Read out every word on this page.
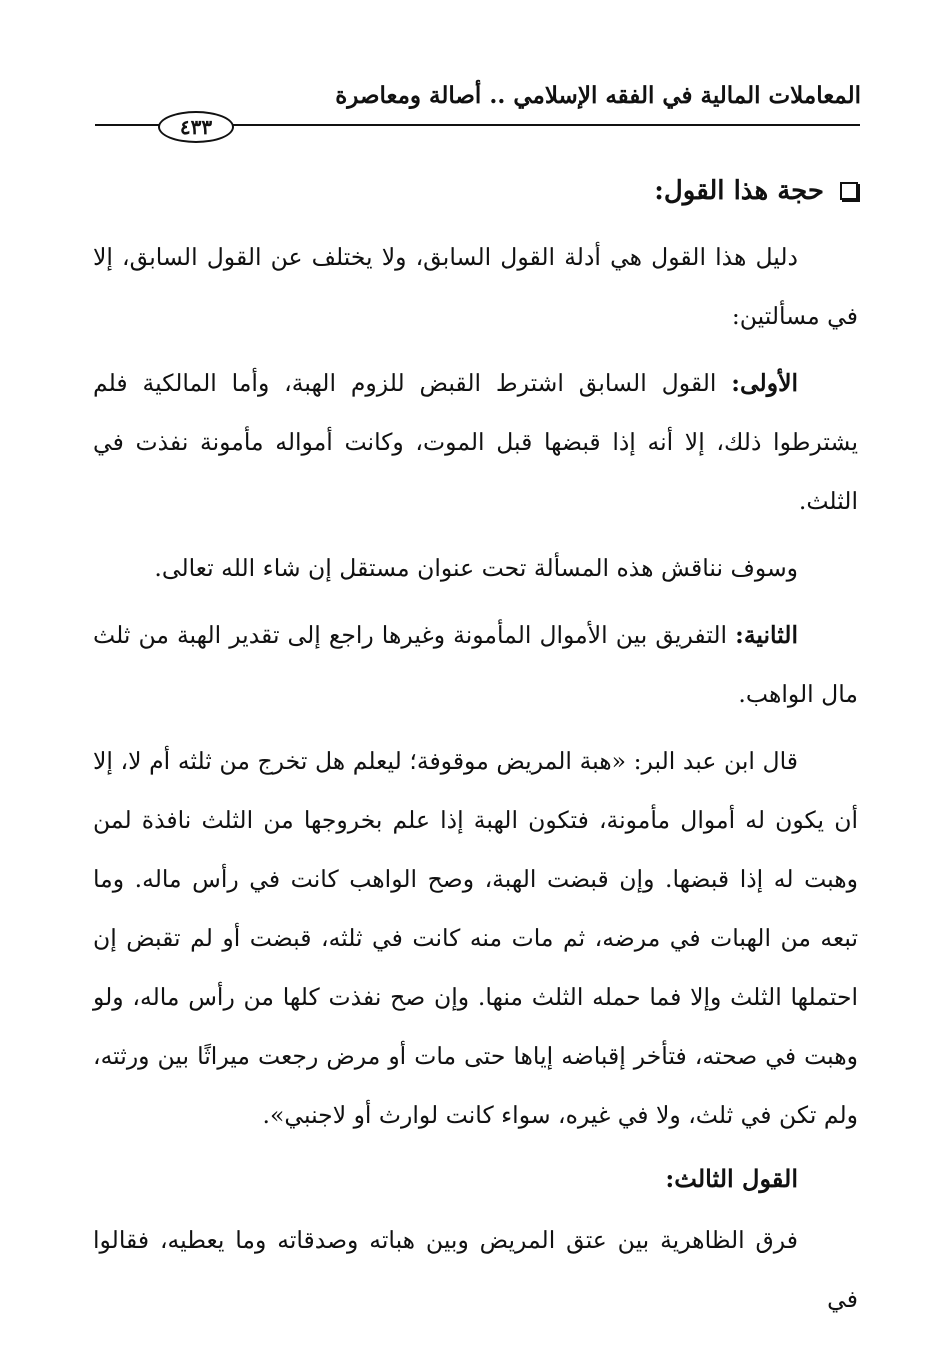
المعاملات المالية في الفقه الإسلامي .. أصالة ومعاصرة
٤٣٣
حجة هذا القول:

دليل هذا القول هي أدلة القول السابق، ولا يختلف عن القول السابق، إلا في مسألتين:

الأولى: القول السابق اشترط القبض للزوم الهبة، وأما المالكية فلم يشترطوا ذلك، إلا أنه إذا قبضها قبل الموت، وكانت أمواله مأمونة نفذت في الثلث.

وسوف نناقش هذه المسألة تحت عنوان مستقل إن شاء الله تعالى.

الثانية: التفريق بين الأموال المأمونة وغيرها راجع إلى تقدير الهبة من ثلث مال الواهب.

قال ابن عبد البر: «هبة المريض موقوفة؛ ليعلم هل تخرج من ثلثه أم لا، إلا أن يكون له أموال مأمونة، فتكون الهبة إذا علم بخروجها من الثلث نافذة لمن وهبت له إذا قبضها. وإن قبضت الهبة، وصح الواهب كانت في رأس ماله. وما تبعه من الهبات في مرضه، ثم مات منه كانت في ثلثه، قبضت أو لم تقبض إن احتملها الثلث وإلا فما حمله الثلث منها. وإن صح نفذت كلها من رأس ماله، ولو وهبت في صحته، فتأخر إقباضه إياها حتى مات أو مرض رجعت ميراثًا بين ورثته، ولم تكن في ثلث، ولا في غيره، سواء كانت لوارث أو لاجنبي».

القول الثالث:

فرق الظاهرية بين عتق المريض وبين هباته وصدقاته وما يعطيه، فقالوا في
